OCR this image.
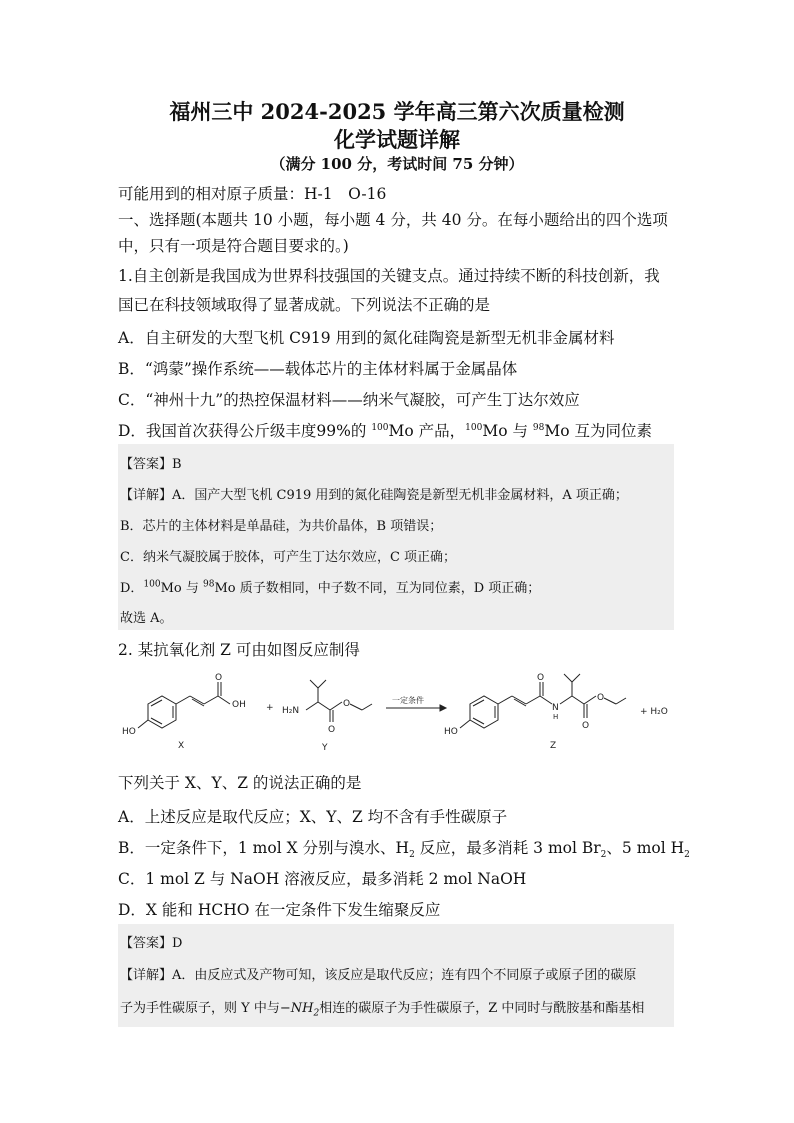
福州三中 2024-2025 学年高三第六次质量检测
化学试题详解
（满分 100 分，考试时间 75 分钟）
可能用到的相对原子质量：H-1　O-16
一、选择题(本题共 10 小题，每小题 4 分，共 40 分。在每小题给出的四个选项
中，只有一项是符合题目要求的。)
1.自主创新是我国成为世界科技强国的关键支点。通过持续不断的科技创新，我
国已在科技领域取得了显著成就。下列说法不正确的是
A．自主研发的大型飞机 C919 用到的氮化硅陶瓷是新型无机非金属材料
B．“鸿蒙”操作系统——载体芯片的主体材料属于金属晶体
C．“神州十九”的热控保温材料——纳米气凝胶，可产生丁达尔效应
D．我国首次获得公斤级丰度99%的 $^{100}$Mo 产品，$^{100}$Mo 与 $^{98}$Mo 互为同位素
【答案】B
【详解】A．国产大型飞机 C919 用到的氮化硅陶瓷是新型无机非金属材料，A 项正确；
B．芯片的主体材料是单晶硅，为共价晶体，B 项错误；
C．纳米气凝胶属于胶体，可产生丁达尔效应，C 项正确；
D．$^{100}$Mo 与 $^{98}$Mo 质子数相同，中子数不同，互为同位素，D 项正确；
故选 A。
2. 某抗氧化剂 Z 可由如图反应制得
HO
OH
O
X
+ H₂N
O
O
Y
一定条件
HO
O
N
H
O
O
Z
+ H₂O
下列关于 X、Y、Z 的说法正确的是
A．上述反应是取代反应；X、Y、Z 均不含有手性碳原子
B．一定条件下，1 mol X 分别与溴水、$H_2$ 反应，最多消耗 3 mol $Br_2$、5 mol $H_2$
C．1 mol Z 与 NaOH 溶液反应，最多消耗 2 mol NaOH
D．X 能和 HCHO 在一定条件下发生缩聚反应
【答案】D
【详解】A．由反应式及产物可知，该反应是取代反应；连有四个不同原子或原子团的碳原
子为手性碳原子，则 Y 中与$-NH_2$相连的碳原子为手性碳原子，Z 中同时与酰胺基和酯基相
